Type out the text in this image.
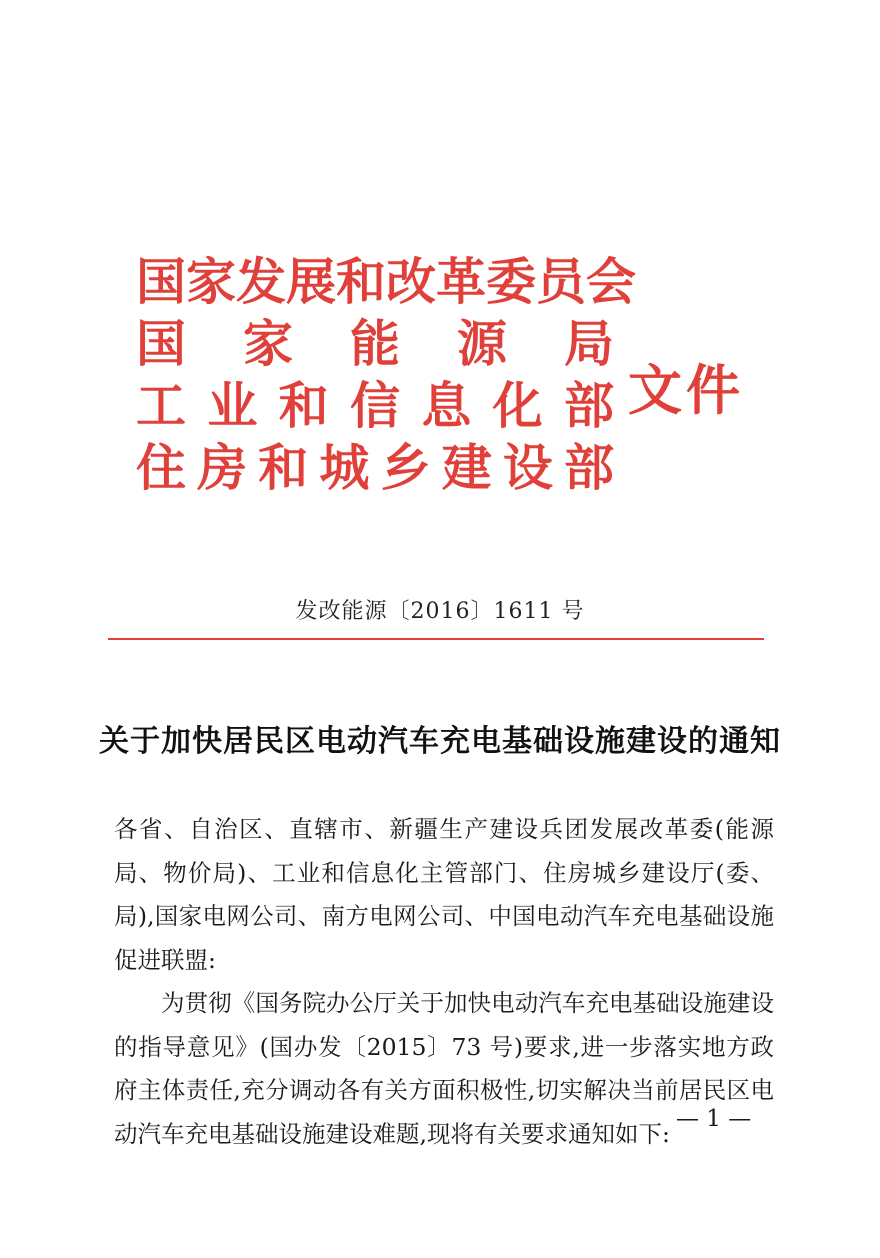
国 家 发 展 和 改 革 委 员 会
国 家 能 源 局
工 业 和 信 息 化 部
住 房 和 城 乡 建 设 部
文件
发改能源〔2016〕1611 号
关于加快居民区电动汽车充电基础设施建设的通知

各省、自治区、直辖市、新疆生产建设兵团发展改革委(能源局、物价局)、工业和信息化主管部门、住房城乡建设厅(委、局),国家电网公司、南方电网公司、中国电动汽车充电基础设施促进联盟:

为贯彻《国务院办公厅关于加快电动汽车充电基础设施建设的指导意见》(国办发〔2015〕73 号)要求,进一步落实地方政府主体责任,充分调动各有关方面积极性,切实解决当前居民区电动汽车充电基础设施建设难题,现将有关要求通知如下:

— 1 —
